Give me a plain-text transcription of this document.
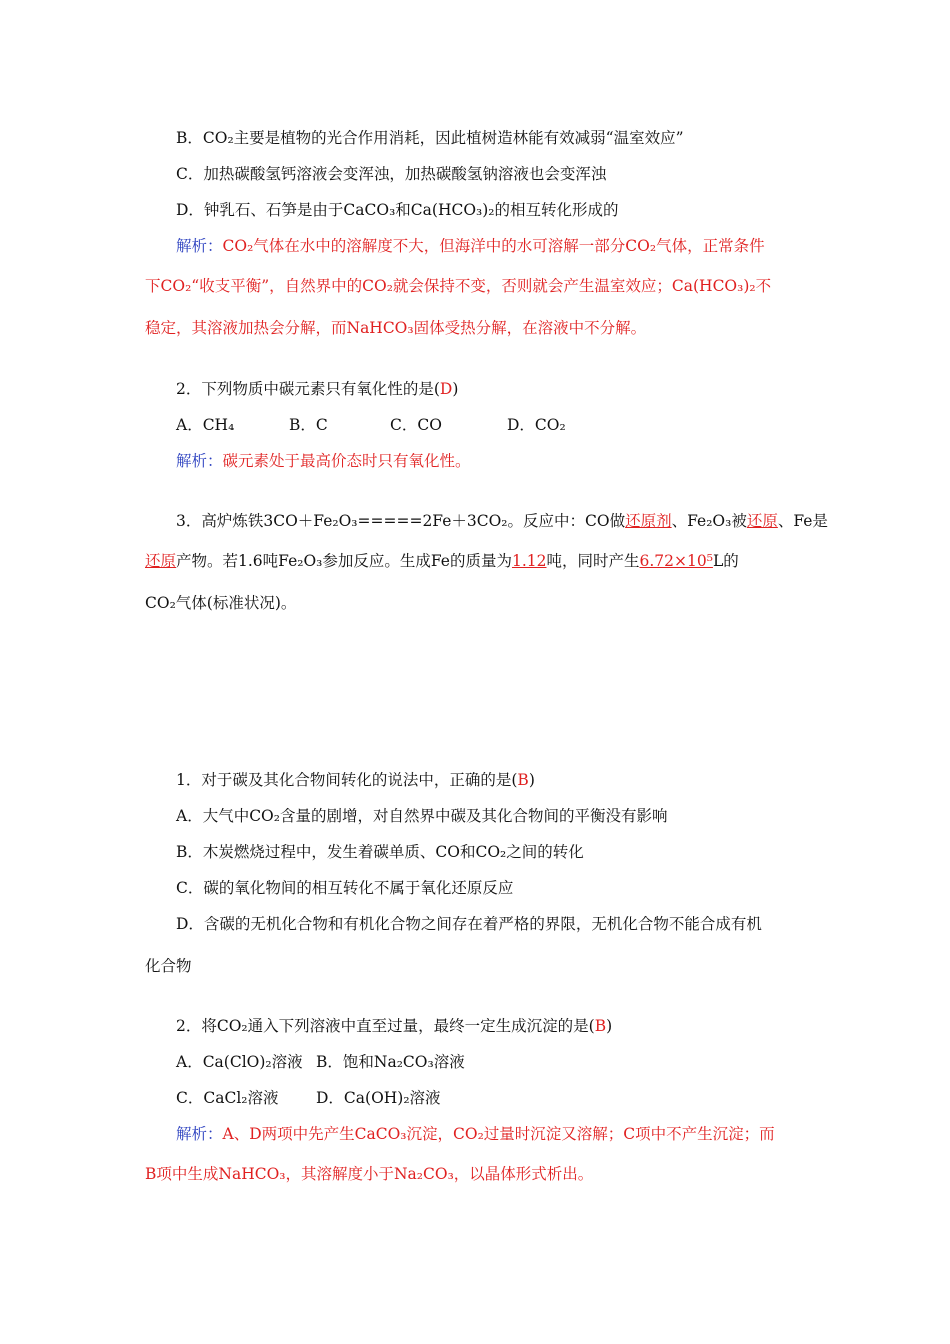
B．CO₂主要是植物的光合作用消耗，因此植树造林能有效减弱“温室效应”
C．加热碳酸氢钙溶液会变浑浊，加热碳酸氢钠溶液也会变浑浊
D．钟乳石、石笋是由于CaCO₃和Ca(HCO₃)₂的相互转化形成的
解析：CO₂气体在水中的溶解度不大，但海洋中的水可溶解一部分CO₂气体，正常条件
下CO₂“收支平衡”，自然界中的CO₂就会保持不变，否则就会产生温室效应；Ca(HCO₃)₂不
稳定，其溶液加热会分解，而NaHCO₃固体受热分解，在溶液中不分解。
2．下列物质中碳元素只有氧化性的是(D)
A．CH₄	B．C	C．CO	D．CO₂
解析：碳元素处于最高价态时只有氧化性。
3．高炉炼铁3CO＋Fe₂O₃=====2Fe＋3CO₂。反应中：CO做还原剂、Fe₂O₃被还原、Fe是
还原产物。若1.6吨Fe₂O₃参加反应。生成Fe的质量为1.12吨，同时产生6.72×10⁵L的
CO₂气体(标准状况)。
1．对于碳及其化合物间转化的说法中，正确的是(B)
A．大气中CO₂含量的剧增，对自然界中碳及其化合物间的平衡没有影响
B．木炭燃烧过程中，发生着碳单质、CO和CO₂之间的转化
C．碳的氧化物间的相互转化不属于氧化还原反应
D．含碳的无机化合物和有机化合物之间存在着严格的界限，无机化合物不能合成有机
化合物
2．将CO₂通入下列溶液中直至过量，最终一定生成沉淀的是(B)
A．Ca(ClO)₂溶液 B．饱和Na₂CO₃溶液
C．CaCl₂溶液 D．Ca(OH)₂溶液
解析：A、D两项中先产生CaCO₃沉淀，CO₂过量时沉淀又溶解；C项中不产生沉淀；而
B项中生成NaHCO₃，其溶解度小于Na₂CO₃，以晶体形式析出。
